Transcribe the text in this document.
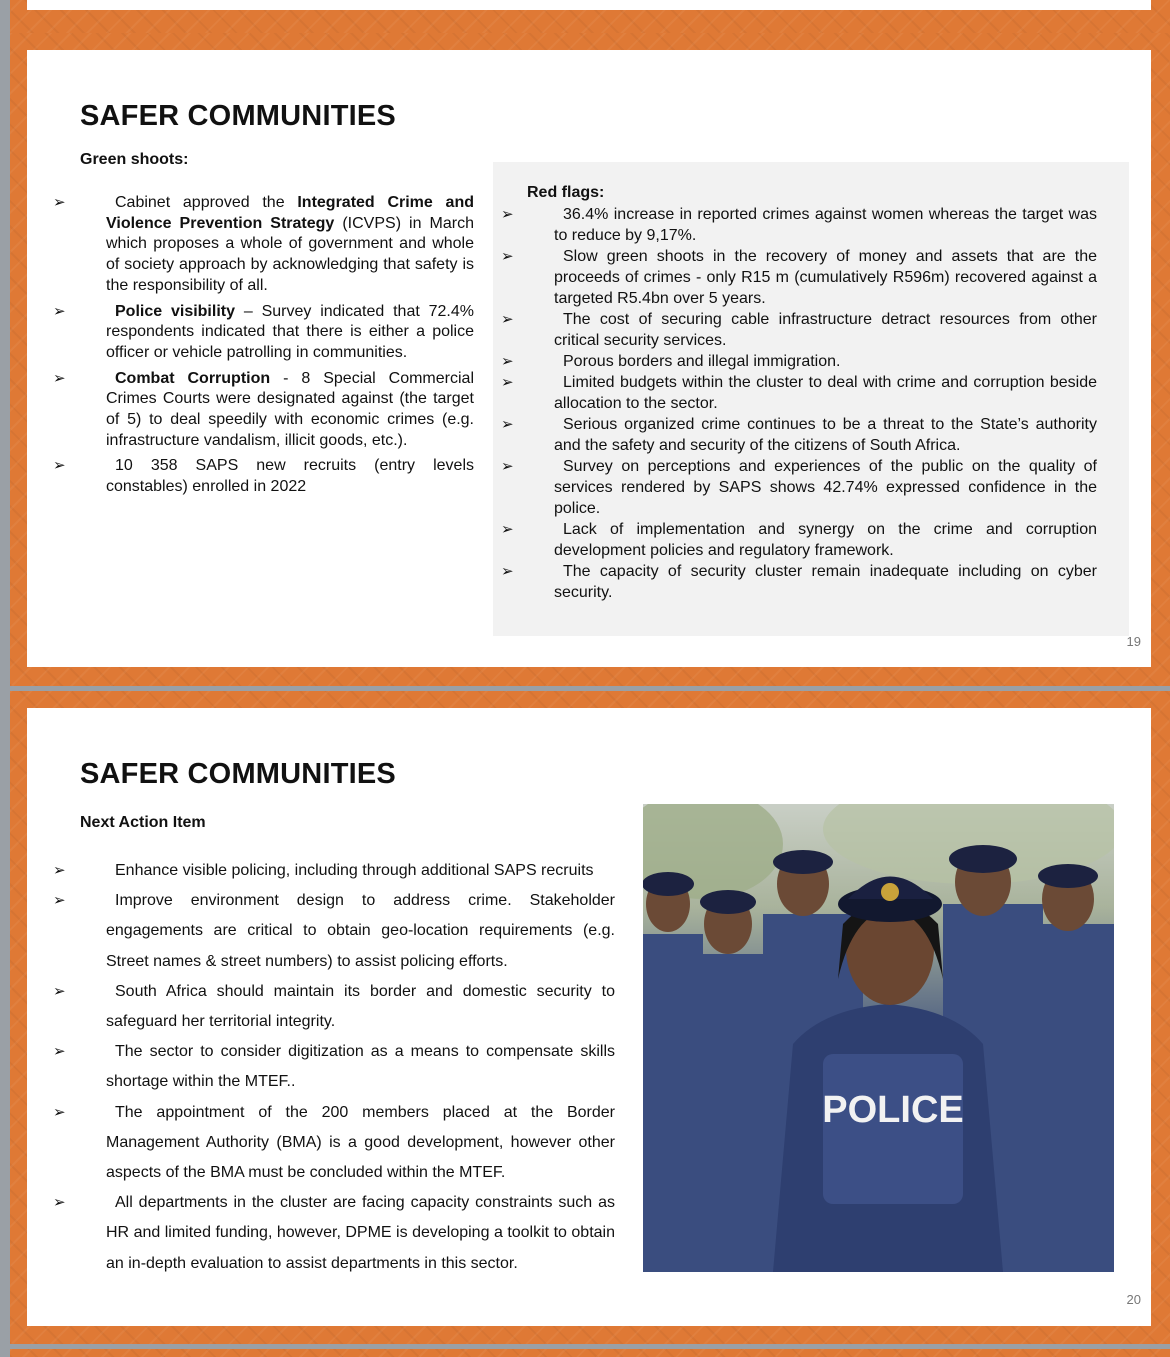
SAFER COMMUNITIES
Green shoots:
➢	Cabinet approved the Integrated Crime and Violence Prevention Strategy (ICVPS) in March which proposes a whole of government and whole of society approach by acknowledging that safety is the responsibility of all.
➢	Police visibility – Survey indicated that 72.4% respondents indicated that there is either a police officer or vehicle patrolling in communities.
➢	Combat Corruption - 8 Special Commercial Crimes Courts were designated against (the target of 5) to deal speedily with economic crimes (e.g. infrastructure vandalism, illicit goods, etc.).
➢	10 358 SAPS new recruits (entry levels constables) enrolled in 2022
Red flags:
➢	36.4% increase in reported crimes against women whereas the target was to reduce by 9,17%.
➢	Slow green shoots in the recovery of money and assets that are the proceeds of crimes - only R15 m (cumulatively R596m) recovered against a targeted R5.4bn over 5 years.
➢	The cost of securing cable infrastructure detract resources from other critical security services.
➢	Porous borders and illegal immigration.
➢	Limited budgets within the cluster to deal with crime and corruption beside allocation to the sector.
➢	Serious organized crime continues to be a threat to the State’s authority and the safety and security of the citizens of South Africa.
➢	Survey on perceptions and experiences of the public on the quality of services rendered by SAPS shows 42.74% expressed confidence in the police.
➢	Lack of implementation and synergy on the crime and corruption development policies and regulatory framework.
➢	The capacity of security cluster remain inadequate including on cyber security.
19
SAFER COMMUNITIES
Next Action Item
➢	Enhance visible policing, including through additional SAPS recruits
➢	Improve environment design to address crime. Stakeholder engagements are critical to obtain geo-location requirements (e.g. Street names & street numbers) to assist policing efforts.
➢	South Africa should maintain its border and domestic security to safeguard her territorial integrity.
➢	The sector to consider digitization as a means to compensate skills shortage within the MTEF..
➢	The appointment of the 200 members placed at the Border Management Authority (BMA) is a good development, however other aspects of the BMA must be concluded within the MTEF.
➢	All departments in the cluster are facing capacity constraints such as HR and limited funding, however, DPME is developing a toolkit to obtain an in-depth evaluation to assist departments in this sector.
POLICE
20
